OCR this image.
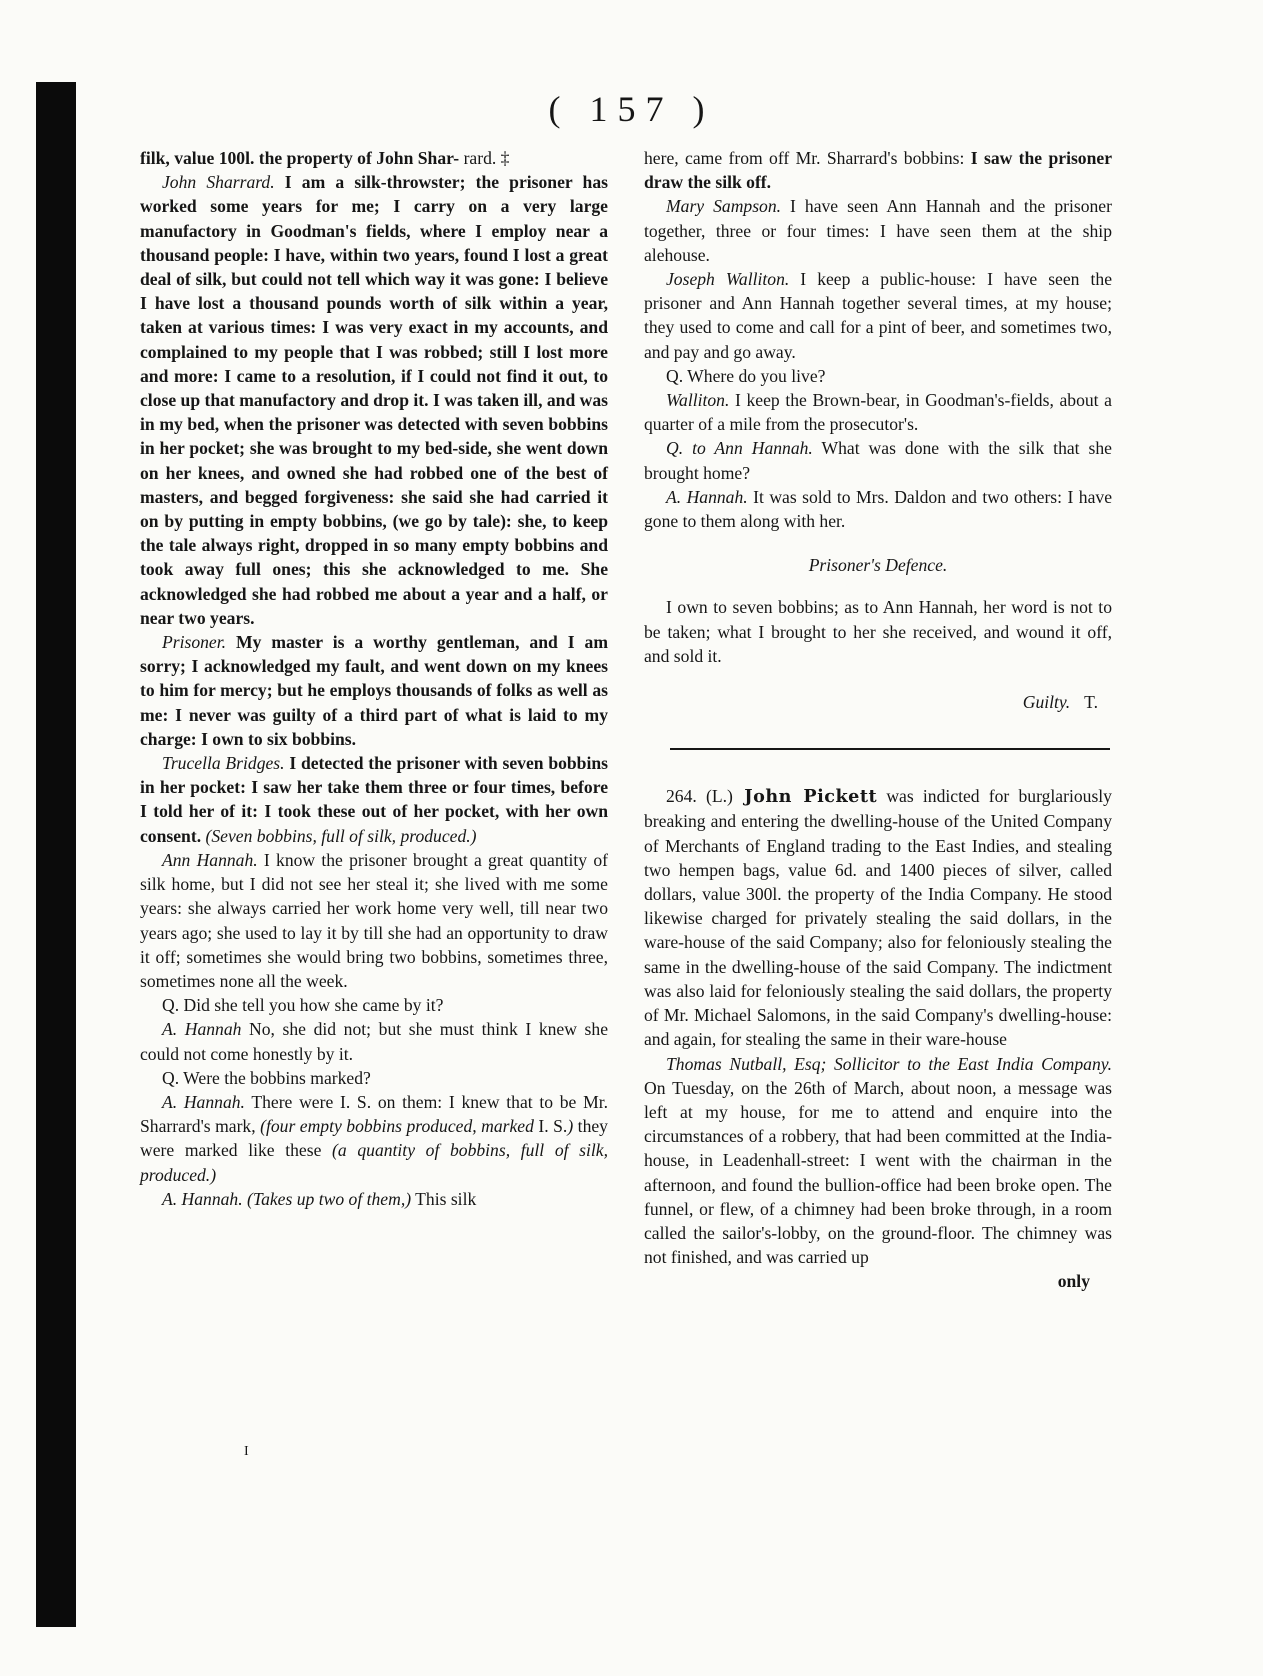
( 157 )

filk, value 100l. the property of John Shar- rard. ‡

John Sharrard. I am a silk-throwster; the prisoner has worked some years for me; I carry on a very large manufactory in Goodman's fields, where I employ near a thousand people: I have, within two years, found I lost a great deal of silk, but could not tell which way it was gone: I believe I have lost a thousand pounds worth of silk within a year, taken at various times: I was very exact in my accounts, and complained to my people that I was robbed; still I lost more and more: I came to a resolution, if I could not find it out, to close up that manufactory and drop it. I was taken ill, and was in my bed, when the prisoner was detected with seven bobbins in her pocket; she was brought to my bed-side, she went down on her knees, and owned she had robbed one of the best of masters, and begged forgiveness: she said she had carried it on by putting in empty bobbins, (we go by tale): she, to keep the tale always right, dropped in so many empty bobbins and took away full ones; this she acknowledged to me. She acknowledged she had robbed me about a year and a half, or near two years.

Prisoner. My master is a worthy gentleman, and I am sorry; I acknowledged my fault, and went down on my knees to him for mercy; but he employs thousands of folks as well as me: I never was guilty of a third part of what is laid to my charge: I own to six bobbins.

Trucella Bridges. I detected the prisoner with seven bobbins in her pocket: I saw her take them three or four times, before I told her of it: I took these out of her pocket, with her own consent. (Seven bobbins, full of silk, produced.)

Ann Hannah. I know the prisoner brought a great quantity of silk home, but I did not see her steal it; she lived with me some years: she always carried her work home very well, till near two years ago; she used to lay it by till she had an opportunity to draw it off; sometimes she would bring two bobbins, sometimes three, sometimes none all the week.

Q. Did she tell you how she came by it?

A. Hannah No, she did not; but she must think I knew she could not come honestly by it.

Q. Were the bobbins marked?

A. Hannah. There were I. S. on them: I knew that to be Mr. Sharrard's mark, (four empty bobbins produced, marked I. S.) they were marked like these (a quantity of bobbins, full of silk, produced.)

A. Hannah. (Takes up two of them,) This silk

here, came from off Mr. Sharrard's bobbins: I saw the prisoner draw the silk off.

Mary Sampson. I have seen Ann Hannah and the prisoner together, three or four times: I have seen them at the ship alehouse.

Joseph Walliton. I keep a public-house: I have seen the prisoner and Ann Hannah together several times, at my house; they used to come and call for a pint of beer, and sometimes two, and pay and go away.

Q. Where do you live?

Walliton. I keep the Brown-bear, in Goodman's-fields, about a quarter of a mile from the prosecutor's.

Q. to Ann Hannah. What was done with the silk that she brought home?

A. Hannah. It was sold to Mrs. Daldon and two others: I have gone to them along with her.

Prisoner's Defence.

I own to seven bobbins; as to Ann Hannah, her word is not to be taken; what I brought to her she received, and wound it off, and sold it.

Guilty. T.

264. (L.) John Pickett was indicted for burglariously breaking and entering the dwelling-house of the United Company of Merchants of England trading to the East Indies, and stealing two hempen bags, value 6d. and 1400 pieces of silver, called dollars, value 300l. the property of the India Company. He stood likewise charged for privately stealing the said dollars, in the ware-house of the said Company; also for feloniously stealing the same in the dwelling-house of the said Company. The indictment was also laid for feloniously stealing the said dollars, the property of Mr. Michael Salomons, in the said Company's dwelling-house: and again, for stealing the same in their ware-house

Thomas Nutball, Esq; Sollicitor to the East India Company. On Tuesday, on the 26th of March, about noon, a message was left at my house, for me to attend and enquire into the circumstances of a robbery, that had been committed at the India-house, in Leadenhall-street: I went with the chairman in the afternoon, and found the bullion-office had been broke open. The funnel, or flew, of a chimney had been broke through, in a room called the sailor's-lobby, on the ground-floor. The chimney was not finished, and was carried up

only
I
